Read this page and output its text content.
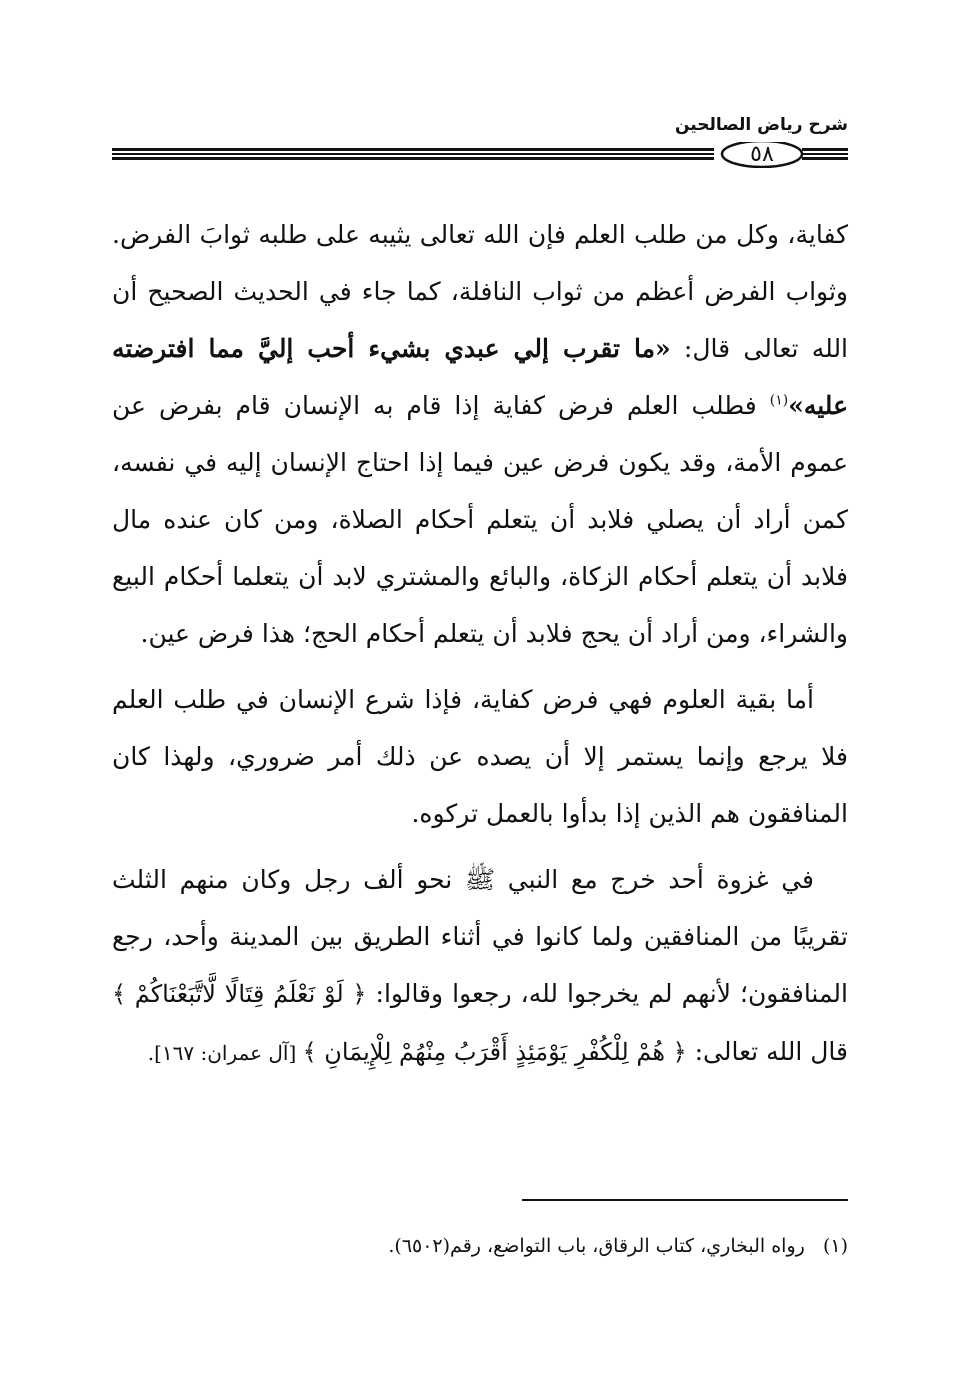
شرح رياض الصالحين
٥٨

كفاية، وكل من طلب العلم فإن الله تعالى يثيبه على طلبه ثوابَ الفرض. وثواب الفرض أعظم من ثواب النافلة، كما جاء في الحديث الصحيح أن الله تعالى قال: «ما تقرب إلي عبدي بشيء أحب إليَّ مما افترضته عليه»$^{(١)}$ فطلب العلم فرض كفاية إذا قام به الإنسان قام بفرض عن عموم الأمة، وقد يكون فرض عين فيما إذا احتاج الإنسان إليه في نفسه، كمن أراد أن يصلي فلابد أن يتعلم أحكام الصلاة، ومن كان عنده مال فلابد أن يتعلم أحكام الزكاة، والبائع والمشتري لابد أن يتعلما أحكام البيع والشراء، ومن أراد أن يحج فلابد أن يتعلم أحكام الحج؛ هذا فرض عين.

أما بقية العلوم فهي فرض كفاية، فإذا شرع الإنسان في طلب العلم فلا يرجع وإنما يستمر إلا أن يصده عن ذلك أمر ضروري، ولهذا كان المنافقون هم الذين إذا بدأوا بالعمل تركوه.

في غزوة أحد خرج مع النبي ﷺ نحو ألف رجل وكان منهم الثلث تقريبًا من المنافقين ولما كانوا في أثناء الطريق بين المدينة وأحد، رجع المنافقون؛ لأنهم لم يخرجوا لله، رجعوا وقالوا: ﴿ لَوْ نَعْلَمُ قِتَالًا لَّاتَّبَعْنَاكُمْ ﴾ قال الله تعالى: ﴿ هُمْ لِلْكُفْرِ يَوْمَئِذٍ أَقْرَبُ مِنْهُمْ لِلْإِيمَانِ ﴾ [آل عمران: ١٦٧].

(١)   رواه البخاري، كتاب الرقاق، باب التواضع، رقم(٦٥٠٢).
